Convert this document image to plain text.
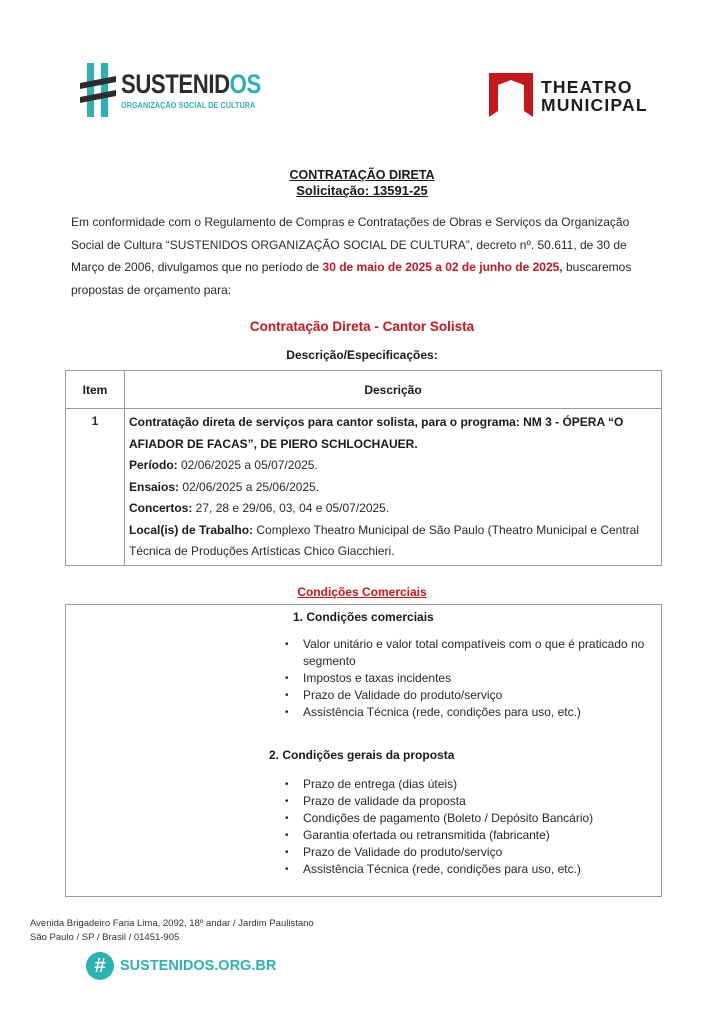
SUSTENIDOS
ORGANIZAÇÃO SOCIAL DE CULTURA
THEATRO
MUNICIPAL
CONTRATAÇÃO DIRETA
Solicitação: 13591-25

Em conformidade com o Regulamento de Compras e Contratações de Obras e Serviços da Organização Social de Cultura “SUSTENIDOS ORGANIZAÇÃO SOCIAL DE CULTURA”, decreto nº. 50.611, de 30 de Março de 2006, divulgamos que no período de 30 de maio de 2025 a 02 de junho de 2025, buscaremos propostas de orçamento para:

Contratação Direta - Cantor Solista
Descrição/Especificações:
Item	Descrição
1	Contratação direta de serviços para cantor solista, para o programa: NM 3 - ÓPERA “O AFIADOR DE FACAS”, DE PIERO SCHLOCHAUER.
Período: 02/06/2025 a 05/07/2025.
Ensaios: 02/06/2025 a 25/06/2025.
Concertos: 27, 28 e 29/06, 03, 04 e 05/07/2025.
Local(is) de Trabalho: Complexo Theatro Municipal de São Paulo (Theatro Municipal e Central Técnica de Produções Artísticas Chico Giacchieri.
Condições Comerciais
1. Condições comerciais
• Valor unitário e valor total compatíveis com o que é praticado no segmento
• Impostos e taxas incidentes
• Prazo de Validade do produto/serviço
• Assistência Técnica (rede, condições para uso, etc.)
2. Condições gerais da proposta
• Prazo de entrega (dias úteis)
• Prazo de validade da proposta
• Condições de pagamento (Boleto / Depósito Bancário)
• Garantia ofertada ou retransmitida (fabricante)
• Prazo de Validade do produto/serviço
• Assistência Técnica (rede, condições para uso, etc.)
Avenida Brigadeiro Faria Lima, 2092, 18º andar / Jardim Paulistano
São Paulo / SP / Brasil / 01451-905
# SUSTENIDOS.ORG.BR
